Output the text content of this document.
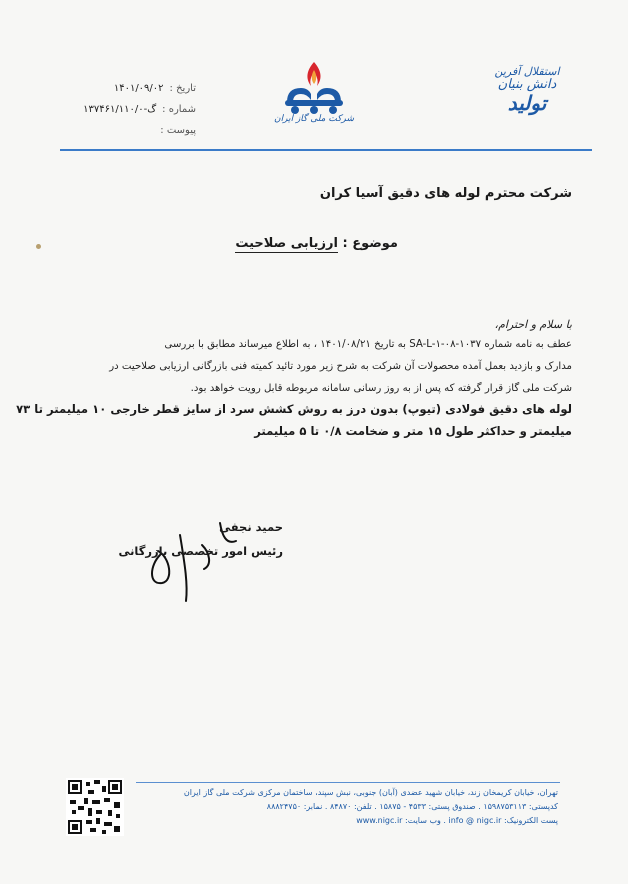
تاریخ :
۱۴۰۱/۰۹/۰۲
شماره :
گ-۱۳۷۴۶۱/۱۱۰/۰
پیوست :
شرکت ملی گاز ایران
استقلال آفرین
دانش بنیان
تولید
شرکت محترم لوله های دقیق آسیا کران
موضوع : ارزیابی صلاحیت
با سلام و احترام،
عطف به نامه شماره SA-L-۱-۰۸-۱۰۳۷ به تاریخ ۱۴۰۱/۰۸/۲۱ ، به اطلاع میرساند مطابق با بررسی
مدارک و بازدید بعمل آمده محصولات آن شرکت به شرح زیر مورد تائید کمیته فنی بازرگانی ارزیابی صلاحیت در
شرکت ملی گاز قرار گرفته که پس از به روز رسانی سامانه مربوطه قابل رویت خواهد بود.
لوله های دقیق فولادی (تیوپ) بدون درز به روش کشش سرد از سایز قطر خارجی ۱۰ میلیمتر تا ۷۳
میلیمتر و حداکثر طول ۱۵ متر و ضخامت ۰/۸ تا ۵ میلیمتر
حمید نجفی
رئیس امور تخصصی بازرگانی
تهران، خیابان کریمخان زند، خیابان شهید عضدی (آبان) جنوبی، نبش سپند، ساختمان مرکزی شرکت ملی گاز ایران
کدپستی: ۱۵۹۸۷۵۳۱۱۳ . صندوق پستی: ۴۵۳۳ - ۱۵۸۷۵ . تلفن: ۸۴۸۷۰ . نمابر: ۸۸۸۲۴۷۵۰
پست الکترونیک: info @ nigc.ir . وب سایت: www.nigc.ir
